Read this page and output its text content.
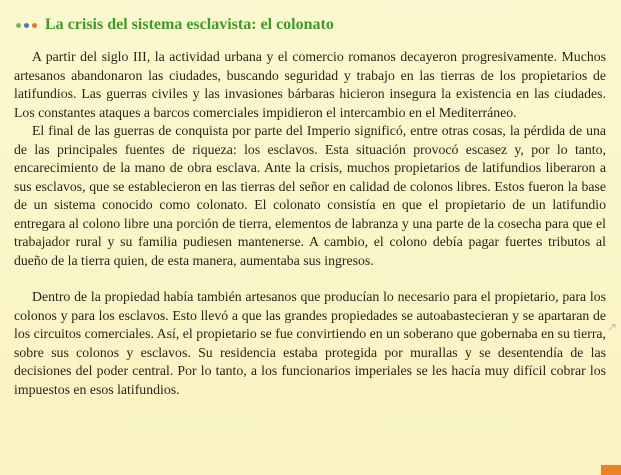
La crisis del sistema esclavista: el colonato

A partir del siglo III, la actividad urbana y el comercio romanos decayeron progresivamente. Muchos artesanos abandonaron las ciudades, buscando seguridad y trabajo en las tierras de los propietarios de latifundios. Las guerras civiles y las invasiones bárbaras hicieron insegura la existencia en las ciudades. Los constantes ataques a barcos comerciales impidieron el intercambio en el Mediterráneo.

El final de las guerras de conquista por parte del Imperio significó, entre otras cosas, la pérdida de una de las principales fuentes de riqueza: los esclavos. Esta situación provocó escasez y, por lo tanto, encarecimiento de la mano de obra esclava. Ante la crisis, muchos propietarios de latifundios liberaron a sus esclavos, que se establecieron en las tierras del señor en calidad de colonos libres. Estos fueron la base de un sistema conocido como colonato. El colonato consistía en que el propietario de un latifundio entregara al colono libre una porción de tierra, elementos de labranza y una parte de la cosecha para que el trabajador rural y su familia pudiesen mantenerse. A cambio, el colono debía pagar fuertes tributos al dueño de la tierra quien, de esta manera, aumentaba sus ingresos.

Dentro de la propiedad había también artesanos que producían lo necesario para el propietario, para los colonos y para los esclavos. Esto llevó a que las grandes propiedades se autoabastecieran y se apartaran de los circuitos comerciales. Así, el propietario se fue convirtiendo en un soberano que gobernaba en su tierra, sobre sus colonos y esclavos. Su residencia estaba protegida por murallas y se desentendía de las decisiones del poder central. Por lo tanto, a los funcionarios imperiales se les hacía muy difícil cobrar los impuestos en esos latifundios.

↗
